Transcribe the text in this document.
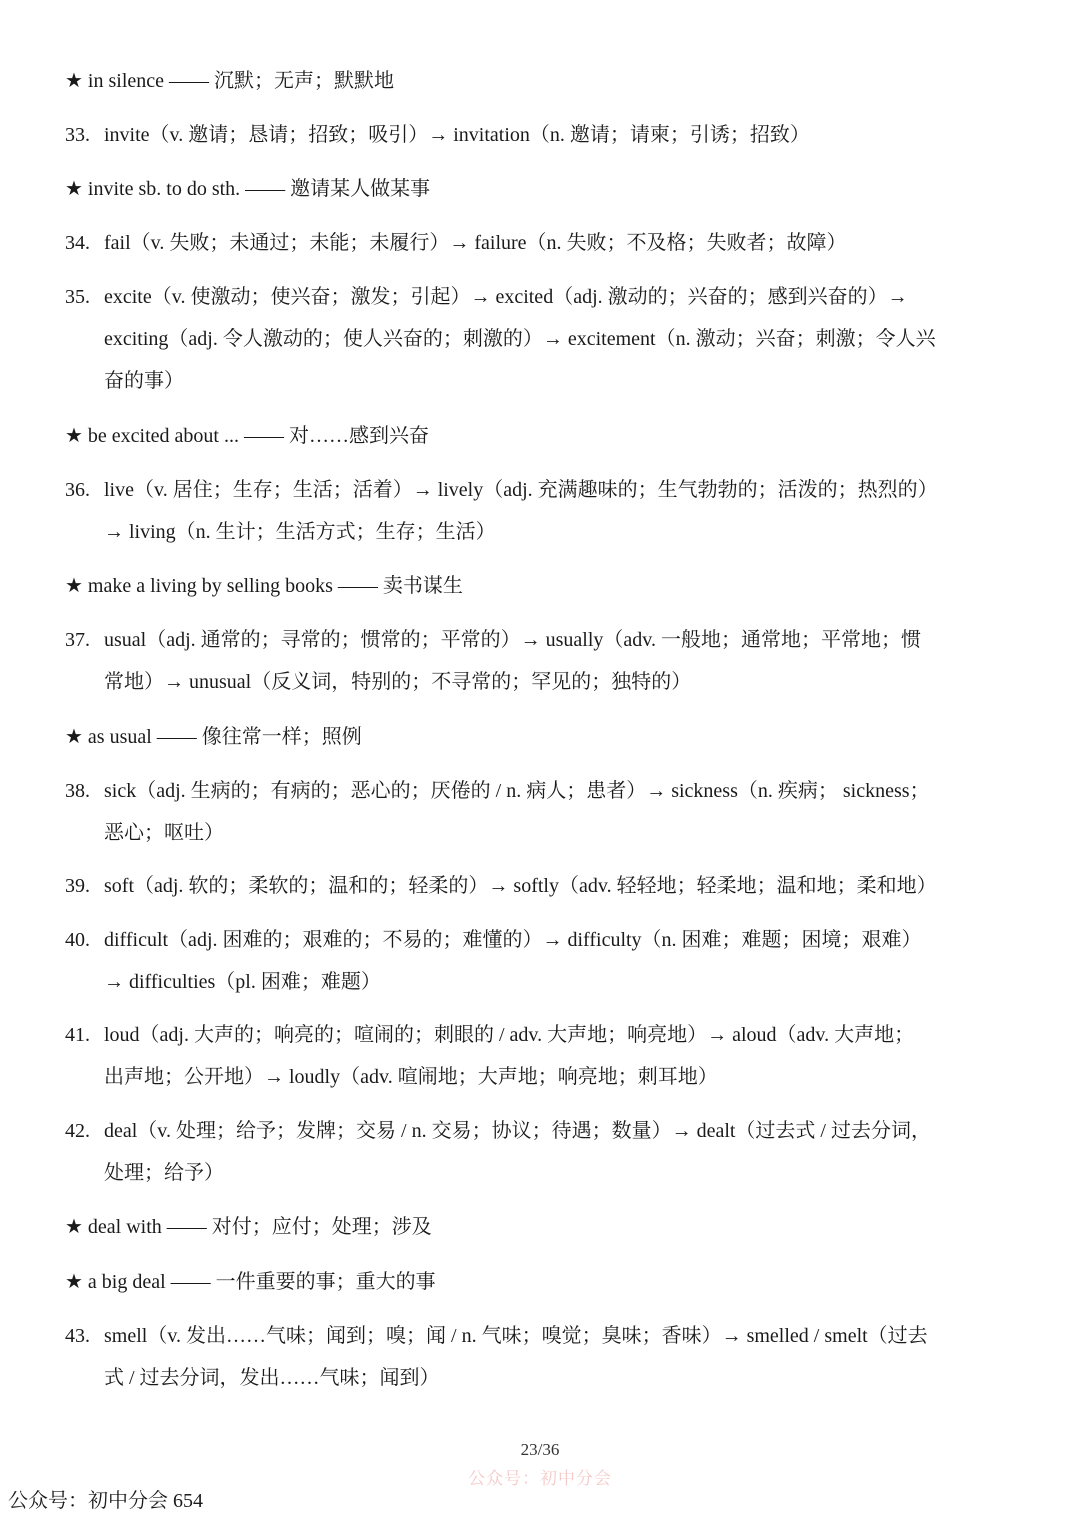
★ in silence —— 沉默；无声；默默地
33. invite（v. 邀请；恳请；招致；吸引）→ invitation（n. 邀请；请柬；引诱；招致）
★ invite sb. to do sth. —— 邀请某人做某事
34. fail（v. 失败；未通过；未能；未履行）→ failure（n. 失败；不及格；失败者；故障）
35. excite（v. 使激动；使兴奋；激发；引起）→ excited（adj. 激动的；兴奋的；感到兴奋的）→
exciting（adj. 令人激动的；使人兴奋的；刺激的）→ excitement（n. 激动；兴奋；刺激；令人兴
奋的事）
★ be excited about ... —— 对……感到兴奋
36. live（v. 居住；生存；生活；活着）→ lively（adj. 充满趣味的；生气勃勃的；活泼的；热烈的）
→ living（n. 生计；生活方式；生存；生活）
★ make a living by selling books —— 卖书谋生
37. usual（adj. 通常的；寻常的；惯常的；平常的）→ usually（adv. 一般地；通常地；平常地；惯
常地）→ unusual（反义词，特别的；不寻常的；罕见的；独特的）
★ as usual —— 像往常一样；照例
38. sick（adj. 生病的；有病的；恶心的；厌倦的 / n. 病人；患者）→ sickness（n. 疾病； sickness；
恶心；呕吐）
39. soft（adj. 软的；柔软的；温和的；轻柔的）→ softly（adv. 轻轻地；轻柔地；温和地；柔和地）
40. difficult（adj. 困难的；艰难的；不易的；难懂的）→ difficulty（n. 困难；难题；困境；艰难）
→ difficulties（pl. 困难；难题）
41. loud（adj. 大声的；响亮的；喧闹的；刺眼的 / adv. 大声地；响亮地）→ aloud（adv. 大声地；
出声地；公开地）→ loudly（adv. 喧闹地；大声地；响亮地；刺耳地）
42. deal（v. 处理；给予；发牌；交易 / n. 交易；协议；待遇；数量）→ dealt（过去式 / 过去分词，
处理；给予）
★ deal with —— 对付；应付；处理；涉及
★ a big deal —— 一件重要的事；重大的事
43. smell（v. 发出……气味；闻到；嗅；闻 / n. 气味；嗅觉；臭味；香味）→ smelled / smelt（过去
式 / 过去分词，发出……气味；闻到）
23/36
公众号：初中分会
公众号：初中分会 654
